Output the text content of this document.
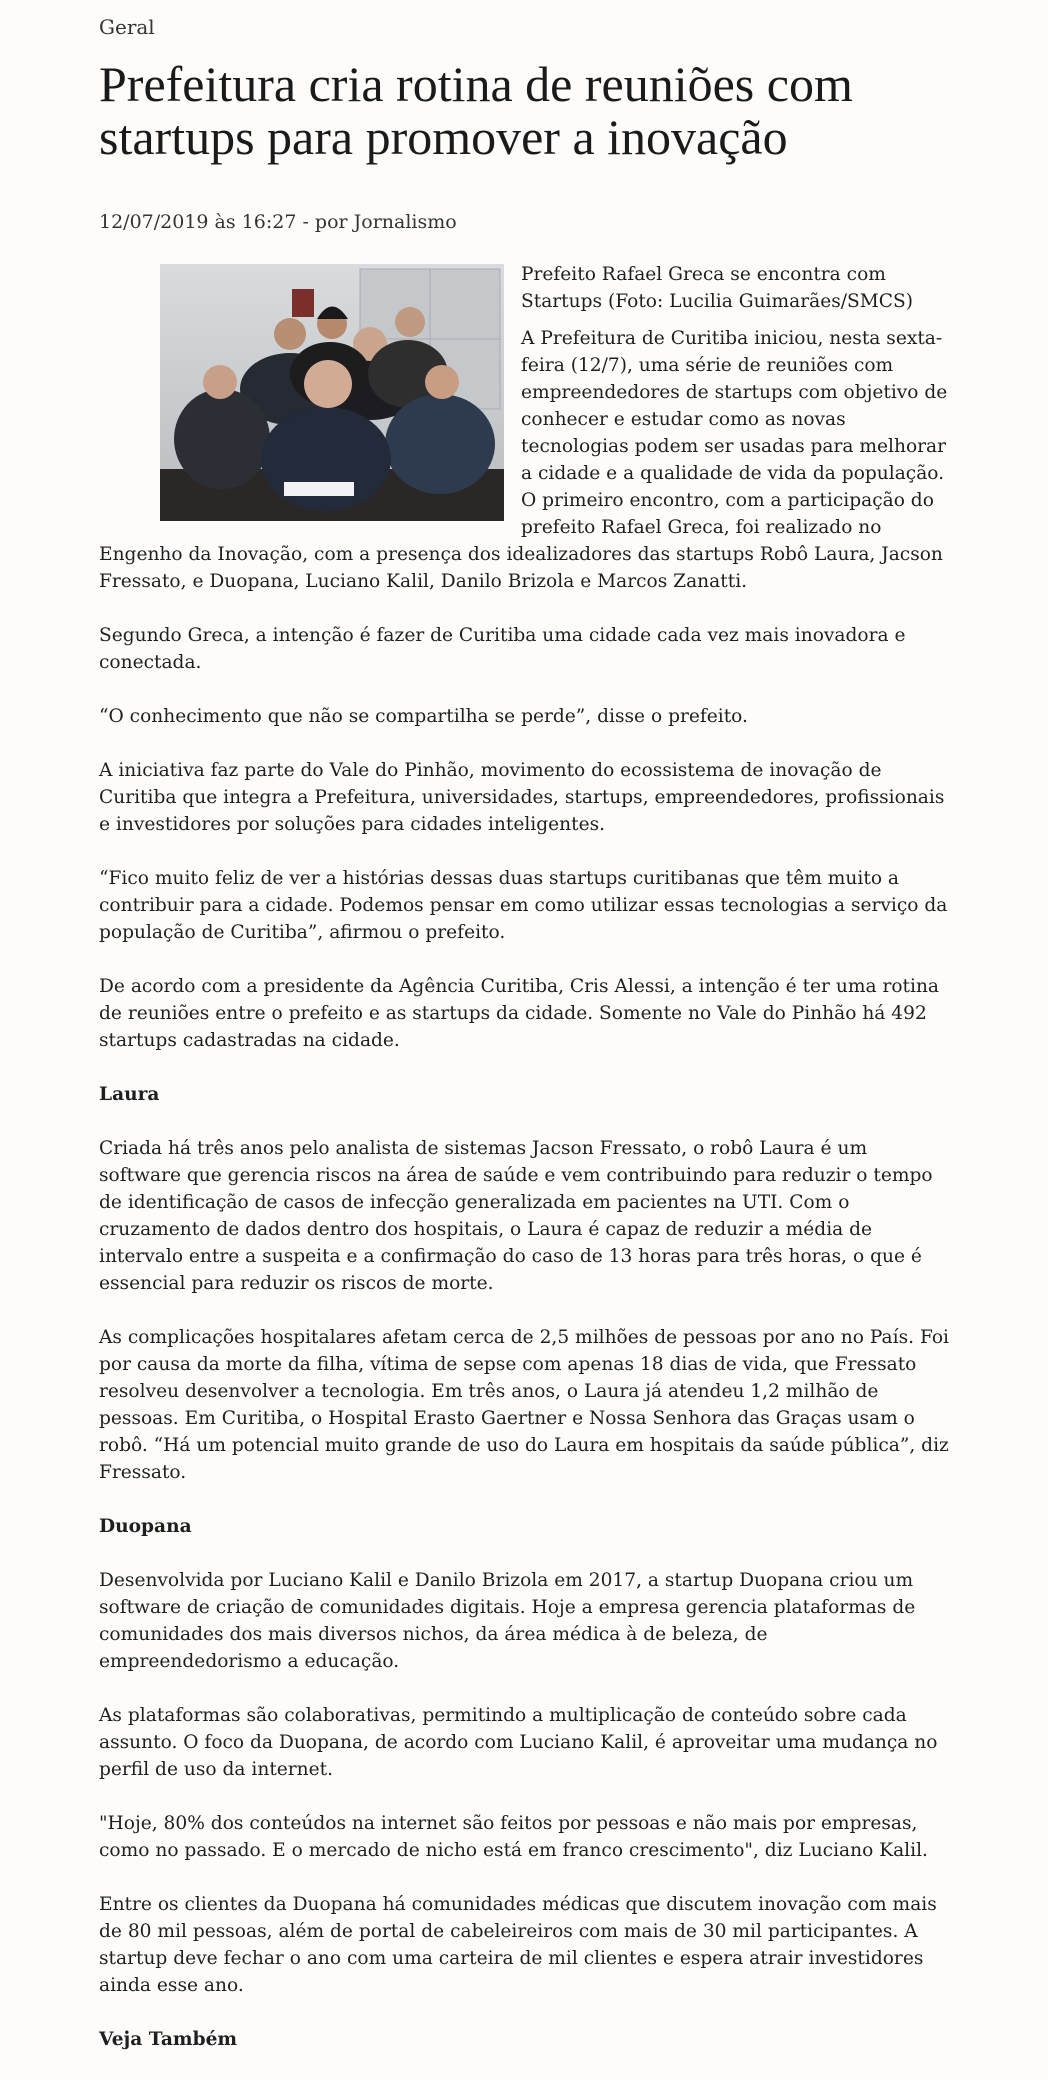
Geral
Prefeitura cria rotina de reuniões com startups para promover a inovação
12/07/2019 às 16:27 - por Jornalismo

Prefeito Rafael Greca se encontra com Startups (Foto: Lucilia Guimarães/SMCS)

A Prefeitura de Curitiba iniciou, nesta sexta-feira (12/7), uma série de reuniões com empreendedores de startups com objetivo de conhecer e estudar como as novas tecnologias podem ser usadas para melhorar a cidade e a qualidade de vida da população. O primeiro encontro, com a participação do prefeito Rafael Greca, foi realizado no Engenho da Inovação, com a presença dos idealizadores das startups Robô Laura, Jacson Fressato, e Duopana, Luciano Kalil, Danilo Brizola e Marcos Zanatti.

Segundo Greca, a intenção é fazer de Curitiba uma cidade cada vez mais inovadora e conectada.

“O conhecimento que não se compartilha se perde”, disse o prefeito.

A iniciativa faz parte do Vale do Pinhão, movimento do ecossistema de inovação de Curitiba que integra a Prefeitura, universidades, startups, empreendedores, profissionais e investidores por soluções para cidades inteligentes.

“Fico muito feliz de ver a histórias dessas duas startups curitibanas que têm muito a contribuir para a cidade. Podemos pensar em como utilizar essas tecnologias a serviço da população de Curitiba”, afirmou o prefeito.

De acordo com a presidente da Agência Curitiba, Cris Alessi, a intenção é ter uma rotina de reuniões entre o prefeito e as startups da cidade. Somente no Vale do Pinhão há 492 startups cadastradas na cidade.

Laura

Criada há três anos pelo analista de sistemas Jacson Fressato, o robô Laura é um software que gerencia riscos na área de saúde e vem contribuindo para reduzir o tempo de identificação de casos de infecção generalizada em pacientes na UTI. Com o cruzamento de dados dentro dos hospitais, o Laura é capaz de reduzir a média de intervalo entre a suspeita e a confirmação do caso de 13 horas para três horas, o que é essencial para reduzir os riscos de morte.

As complicações hospitalares afetam cerca de 2,5 milhões de pessoas por ano no País. Foi por causa da morte da filha, vítima de sepse com apenas 18 dias de vida, que Fressato resolveu desenvolver a tecnologia. Em três anos, o Laura já atendeu 1,2 milhão de pessoas. Em Curitiba, o Hospital Erasto Gaertner e Nossa Senhora das Graças usam o robô. “Há um potencial muito grande de uso do Laura em hospitais da saúde pública”, diz Fressato.

Duopana

Desenvolvida por Luciano Kalil e Danilo Brizola em 2017, a startup Duopana criou um software de criação de comunidades digitais. Hoje a empresa gerencia plataformas de comunidades dos mais diversos nichos, da área médica à de beleza, de empreendedorismo a educação.

As plataformas são colaborativas, permitindo a multiplicação de conteúdo sobre cada assunto. O foco da Duopana, de acordo com Luciano Kalil, é aproveitar uma mudança no perfil de uso da internet.

"Hoje, 80% dos conteúdos na internet são feitos por pessoas e não mais por empresas, como no passado. E o mercado de nicho está em franco crescimento", diz Luciano Kalil.

Entre os clientes da Duopana há comunidades médicas que discutem inovação com mais de 80 mil pessoas, além de portal de cabeleireiros com mais de 30 mil participantes. A startup deve fechar o ano com uma carteira de mil clientes e espera atrair investidores ainda esse ano.

Veja Também
